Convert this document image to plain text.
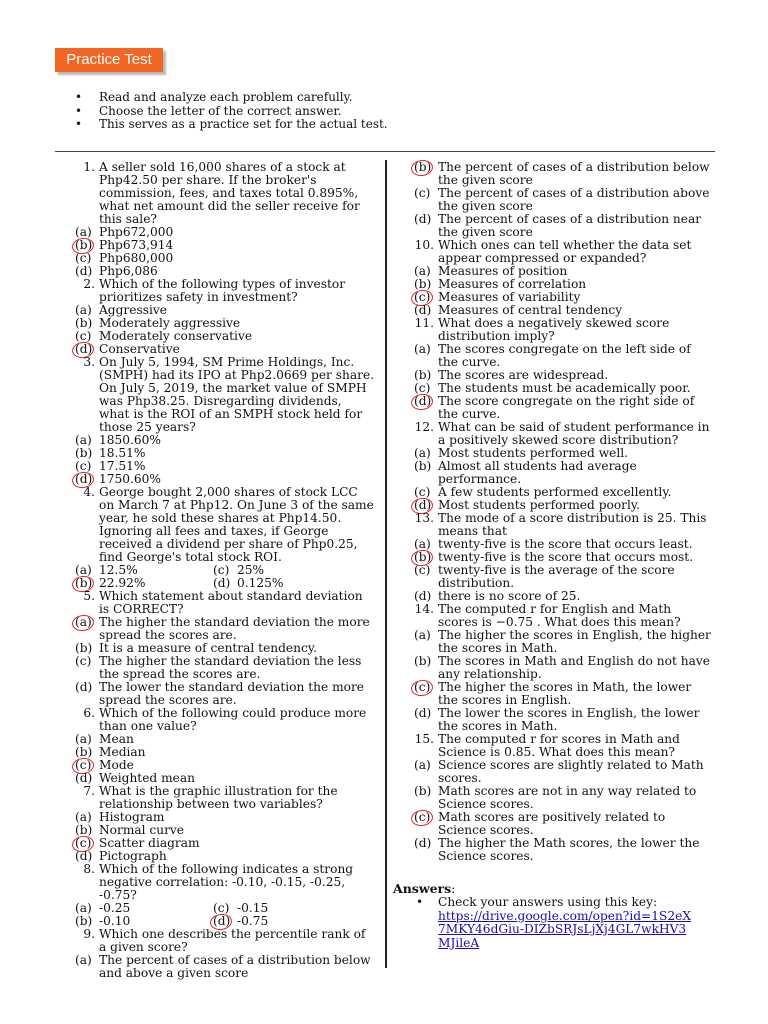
Practice Test
• Read and analyze each problem carefully.
• Choose the letter of the correct answer.
• This serves as a practice set for the actual test.
1. A seller sold 16,000 shares of a stock at Php42.50 per share. If the broker's commission, fees, and taxes total 0.895%, what net amount did the seller receive for this sale?
(a) Php672,000
(b) Php673,914
(c) Php680,000
(d) Php6,086
2. Which of the following types of investor prioritizes safety in investment?
(a) Aggressive
(b) Moderately aggressive
(c) Moderately conservative
(d) Conservative
3. On July 5, 1994, SM Prime Holdings, Inc. (SMPH) had its IPO at Php2.0669 per share. On July 5, 2019, the market value of SMPH was Php38.25. Disregarding dividends, what is the ROI of an SMPH stock held for those 25 years?
(a) 1850.60%
(b) 18.51%
(c) 17.51%
(d) 1750.60%
4. George bought 2,000 shares of stock LCC on March 7 at Php12. On June 3 of the same year, he sold these shares at Php14.50. Ignoring all fees and taxes, if George received a dividend per share of Php0.25, find George's total stock ROI.
(a) 12.5%	(c) 25%
(b) 22.92%	(d) 0.125%
5. Which statement about standard deviation is CORRECT?
(a) The higher the standard deviation the more spread the scores are.
(b) It is a measure of central tendency.
(c) The higher the standard deviation the less the spread the scores are.
(d) The lower the standard deviation the more spread the scores are.
6. Which of the following could produce more than one value?
(a) Mean
(b) Median
(c) Mode
(d) Weighted mean
7. What is the graphic illustration for the relationship between two variables?
(a) Histogram
(b) Normal curve
(c) Scatter diagram
(d) Pictograph
8. Which of the following indicates a strong negative correlation: -0.10, -0.15, -0.25, -0.75?
(a) -0.25	(c) -0.15
(b) -0.10	(d) -0.75
9. Which one describes the percentile rank of a given score?
(a) The percent of cases of a distribution below and above a given score
(b) The percent of cases of a distribution below the given score
(c) The percent of cases of a distribution above the given score
(d) The percent of cases of a distribution near the given score
10. Which ones can tell whether the data set appear compressed or expanded?
(a) Measures of position
(b) Measures of correlation
(c) Measures of variability
(d) Measures of central tendency
11. What does a negatively skewed score distribution imply?
(a) The scores congregate on the left side of the curve.
(b) The scores are widespread.
(c) The students must be academically poor.
(d) The score congregate on the right side of the curve.
12. What can be said of student performance in a positively skewed score distribution?
(a) Most students performed well.
(b) Almost all students had average performance.
(c) A few students performed excellently.
(d) Most students performed poorly.
13. The mode of a score distribution is 25. This means that
(a) twenty-five is the score that occurs least.
(b) twenty-five is the score that occurs most.
(c) twenty-five is the average of the score distribution.
(d) there is no score of 25.
14. The computed r for English and Math scores is −0.75 . What does this mean?
(a) The higher the scores in English, the higher the scores in Math.
(b) The scores in Math and English do not have any relationship.
(c) The higher the scores in Math, the lower the scores in English.
(d) The lower the scores in English, the lower the scores in Math.
15. The computed r for scores in Math and Science is 0.85. What does this mean?
(a) Science scores are slightly related to Math scores.
(b) Math scores are not in any way related to Science scores.
(c) Math scores are positively related to Science scores.
(d) The higher the Math scores, the lower the Science scores.
Answers:
• Check your answers using this key:
https://drive.google.com/open?id=1S2eX7MKY46dGiu-DIZbSRJsLjXj4GL7wkHV3MJileA
